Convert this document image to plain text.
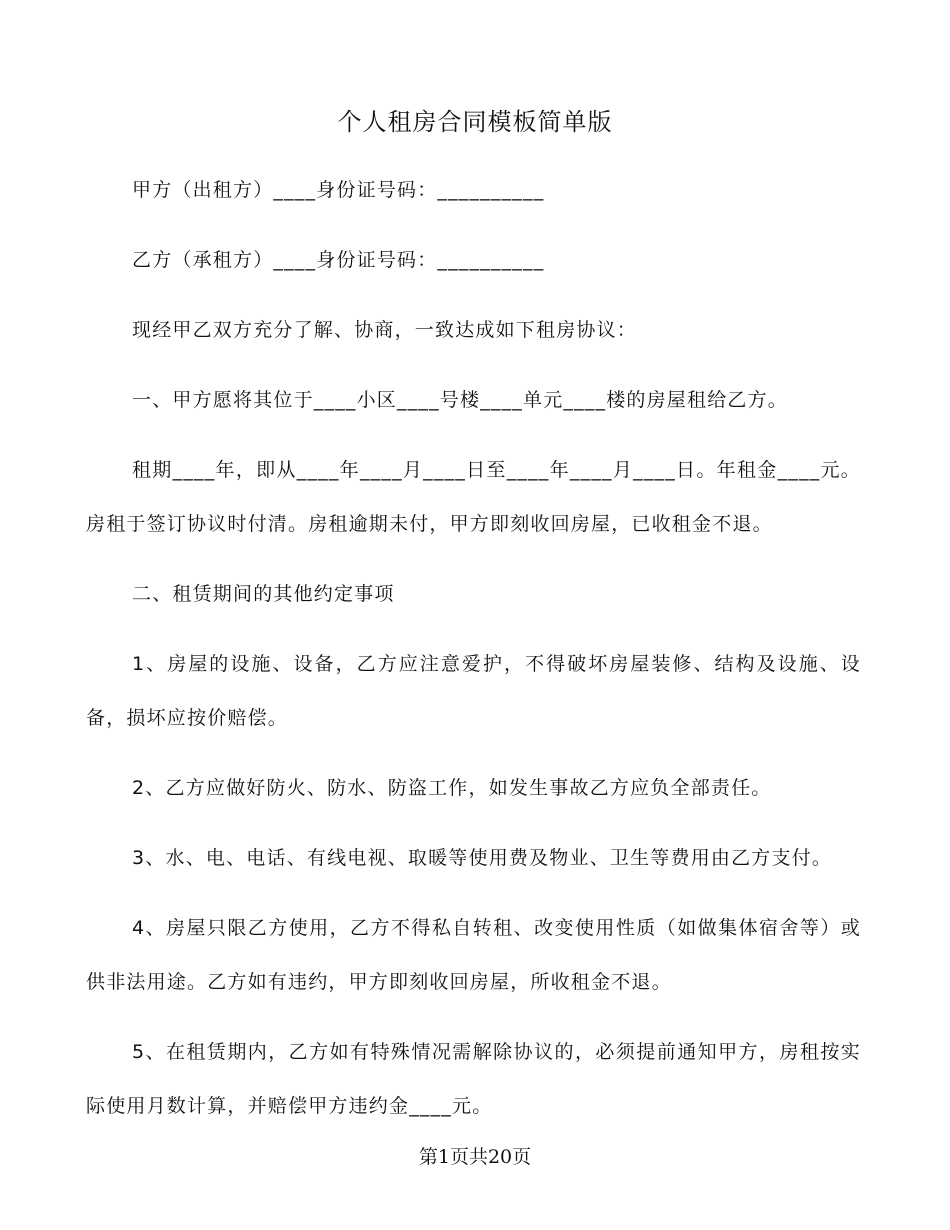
个人租房合同模板简单版

甲方（出租方）____身份证号码：__________

乙方（承租方）____身份证号码：__________

现经甲乙双方充分了解、协商，一致达成如下租房协议：

一、甲方愿将其位于____小区____号楼____单元____楼的房屋租给乙方。

租期____年，即从____年____月____日至____年____月____日。年租金____元。房租于签订协议时付清。房租逾期未付，甲方即刻收回房屋，已收租金不退。

二、租赁期间的其他约定事项

1、房屋的设施、设备，乙方应注意爱护，不得破坏房屋装修、结构及设施、设备，损坏应按价赔偿。

2、乙方应做好防火、防水、防盗工作，如发生事故乙方应负全部责任。

3、水、电、电话、有线电视、取暖等使用费及物业、卫生等费用由乙方支付。

4、房屋只限乙方使用，乙方不得私自转租、改变使用性质（如做集体宿舍等）或供非法用途。乙方如有违约，甲方即刻收回房屋，所收租金不退。

5、在租赁期内，乙方如有特殊情况需解除协议的，必须提前通知甲方，房租按实际使用月数计算，并赔偿甲方违约金____元。

第1页共20页
